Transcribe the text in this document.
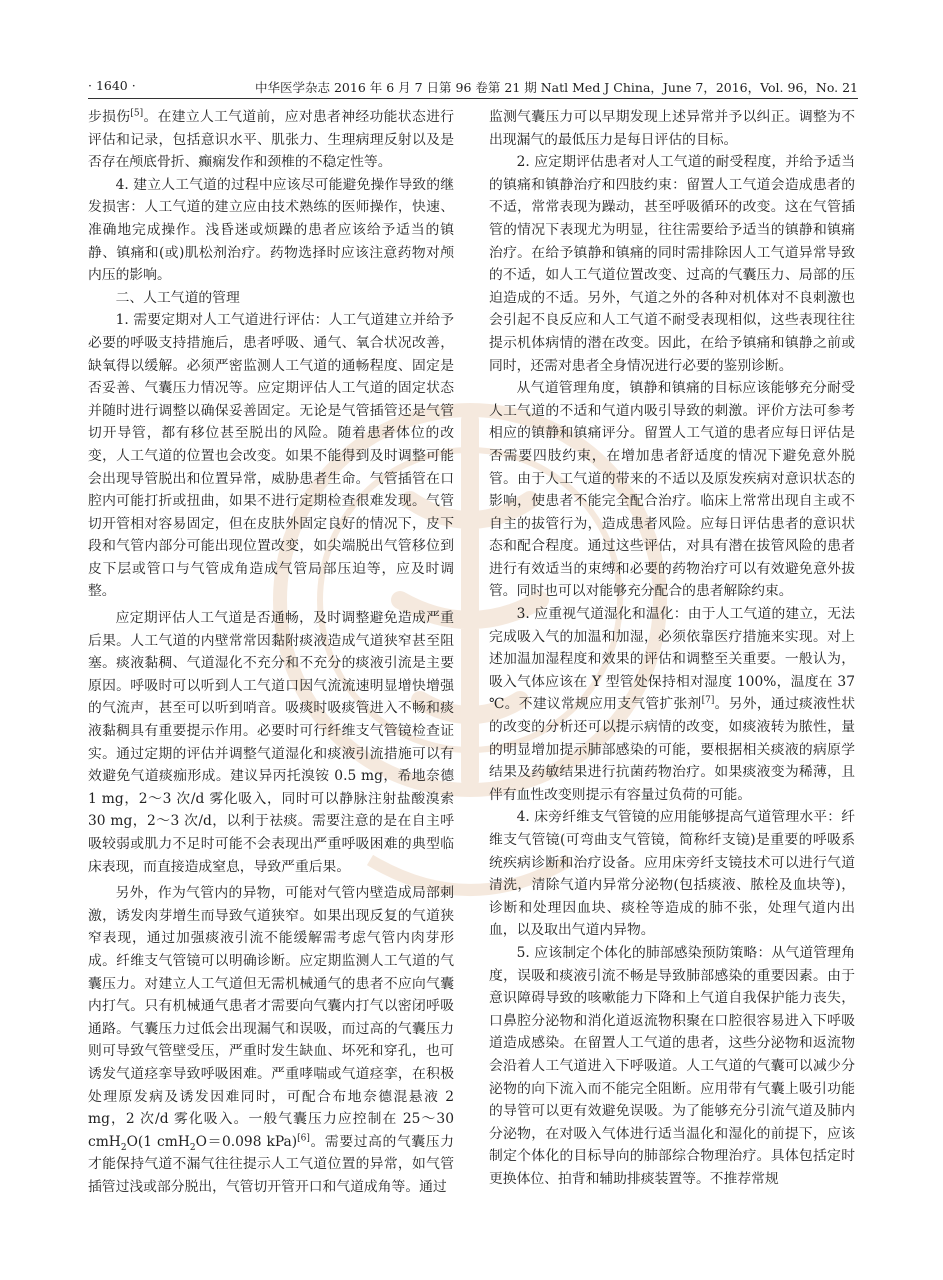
· 1640 ·	中华医学杂志 2016 年 6 月 7 日第 96 卷第 21 期 Natl Med J China，June 7，2016，Vol. 96，No. 21

步损伤[5]。在建立人工气道前，应对患者神经功能状态进行评估和记录，包括意识水平、肌张力、生理病理反射以及是否存在颅底骨折、癫痫发作和颈椎的不稳定性等。

4. 建立人工气道的过程中应该尽可能避免操作导致的继发损害：人工气道的建立应由技术熟练的医师操作，快速、准确地完成操作。浅昏迷或烦躁的患者应该给予适当的镇静、镇痛和(或)肌松剂治疗。药物选择时应该注意药物对颅内压的影响。

二、人工气道的管理

1. 需要定期对人工气道进行评估：人工气道建立并给予必要的呼吸支持措施后，患者呼吸、通气、氧合状况改善，缺氧得以缓解。必须严密监测人工气道的通畅程度、固定是否妥善、气囊压力情况等。应定期评估人工气道的固定状态并随时进行调整以确保妥善固定。无论是气管插管还是气管切开导管，都有移位甚至脱出的风险。随着患者体位的改变，人工气道的位置也会改变。如果不能得到及时调整可能会出现导管脱出和位置异常，威胁患者生命。气管插管在口腔内可能打折或扭曲，如果不进行定期检查很难发现。气管切开管相对容易固定，但在皮肤外固定良好的情况下，皮下段和气管内部分可能出现位置改变，如尖端脱出气管移位到皮下层或管口与气管成角造成气管局部压迫等，应及时调整。

应定期评估人工气道是否通畅，及时调整避免造成严重后果。人工气道的内壁常常因黏附痰液造成气道狭窄甚至阻塞。痰液黏稠、气道湿化不充分和不充分的痰液引流是主要原因。呼吸时可以听到人工气道口因气流流速明显增快增强的气流声，甚至可以听到哨音。吸痰时吸痰管进入不畅和痰液黏稠具有重要提示作用。必要时可行纤维支气管镜检查证实。通过定期的评估并调整气道湿化和痰液引流措施可以有效避免气道痰痂形成。建议异丙托溴铵 0.5 mg，希地奈德 1 mg，2～3 次/d 雾化吸入，同时可以静脉注射盐酸溴索 30 mg，2～3 次/d，以利于祛痰。需要注意的是在自主呼吸较弱或肌力不足时可能不会表现出严重呼吸困难的典型临床表现，而直接造成窒息，导致严重后果。

另外，作为气管内的异物，可能对气管内壁造成局部刺激，诱发肉芽增生而导致气道狭窄。如果出现反复的气道狭窄表现，通过加强痰液引流不能缓解需考虑气管内肉芽形成。纤维支气管镜可以明确诊断。应定期监测人工气道的气囊压力。对建立人工气道但无需机械通气的患者不应向气囊内打气。只有机械通气患者才需要向气囊内打气以密闭呼吸通路。气囊压力过低会出现漏气和误吸，而过高的气囊压力则可导致气管壁受压，严重时发生缺血、坏死和穿孔，也可诱发气道痉挛导致呼吸困难。严重哮喘或气道痉挛，在积极处理原发病及诱发因难同时，可配合布地奈德混悬液 2 mg，2 次/d 雾化吸入。一般气囊压力应控制在 25～30 cmH$_2$O(1 cmH$_2$O＝0.098 kPa)[6]。需要过高的气囊压力才能保持气道不漏气往往提示人工气道位置的异常，如气管插管过浅或部分脱出，气管切开管开口和气道成角等。通过

监测气囊压力可以早期发现上述异常并予以纠正。调整为不出现漏气的最低压力是每日评估的目标。

2. 应定期评估患者对人工气道的耐受程度，并给予适当的镇痛和镇静治疗和四肢约束：留置人工气道会造成患者的不适，常常表现为躁动，甚至呼吸循环的改变。这在气管插管的情况下表现尤为明显，往往需要给予适当的镇静和镇痛治疗。在给予镇静和镇痛的同时需排除因人工气道异常导致的不适，如人工气道位置改变、过高的气囊压力、局部的压迫造成的不适。另外，气道之外的各种对机体对不良刺激也会引起不良反应和人工气道不耐受表现相似，这些表现往往提示机体病情的潜在改变。因此，在给予镇痛和镇静之前或同时，还需对患者全身情况进行必要的鉴别诊断。

从气道管理角度，镇静和镇痛的目标应该能够充分耐受人工气道的不适和气道内吸引导致的刺激。评价方法可参考相应的镇静和镇痛评分。留置人工气道的患者应每日评估是否需要四肢约束，在增加患者舒适度的情况下避免意外脱管。由于人工气道的带来的不适以及原发疾病对意识状态的影响，使患者不能完全配合治疗。临床上常常出现自主或不自主的拔管行为，造成患者风险。应每日评估患者的意识状态和配合程度。通过这些评估，对具有潜在拔管风险的患者进行有效适当的束缚和必要的药物治疗可以有效避免意外拔管。同时也可以对能够充分配合的患者解除约束。

3. 应重视气道湿化和温化：由于人工气道的建立，无法完成吸入气的加温和加湿，必须依靠医疗措施来实现。对上述加温加湿程度和效果的评估和调整至关重要。一般认为，吸入气体应该在 Y 型管处保持相对湿度 100%，温度在 37 ℃。不建议常规应用支气管扩张剂[7]。另外，通过痰液性状的改变的分析还可以提示病情的改变，如痰液转为脓性，量的明显增加提示肺部感染的可能，要根据相关痰液的病原学结果及药敏结果进行抗菌药物治疗。如果痰液变为稀薄，且伴有血性改变则提示有容量过负荷的可能。

4. 床旁纤维支气管镜的应用能够提高气道管理水平：纤维支气管镜(可弯曲支气管镜，简称纤支镜)是重要的呼吸系统疾病诊断和治疗设备。应用床旁纤支镜技术可以进行气道清洗，清除气道内异常分泌物(包括痰液、脓栓及血块等)，诊断和处理因血块、痰栓等造成的肺不张，处理气道内出血，以及取出气道内异物。

5. 应该制定个体化的肺部感染预防策略：从气道管理角度，误吸和痰液引流不畅是导致肺部感染的重要因素。由于意识障碍导致的咳嗽能力下降和上气道自我保护能力丧失，口鼻腔分泌物和消化道返流物积聚在口腔很容易进入下呼吸道造成感染。在留置人工气道的患者，这些分泌物和返流物会沿着人工气道进入下呼吸道。人工气道的气囊可以减少分泌物的向下流入而不能完全阻断。应用带有气囊上吸引功能的导管可以更有效避免误吸。为了能够充分引流气道及肺内分泌物，在对吸入气体进行适当温化和湿化的前提下，应该制定个体化的目标导向的肺部综合物理治疗。具体包括定时更换体位、拍背和辅助排痰装置等。不推荐常规
